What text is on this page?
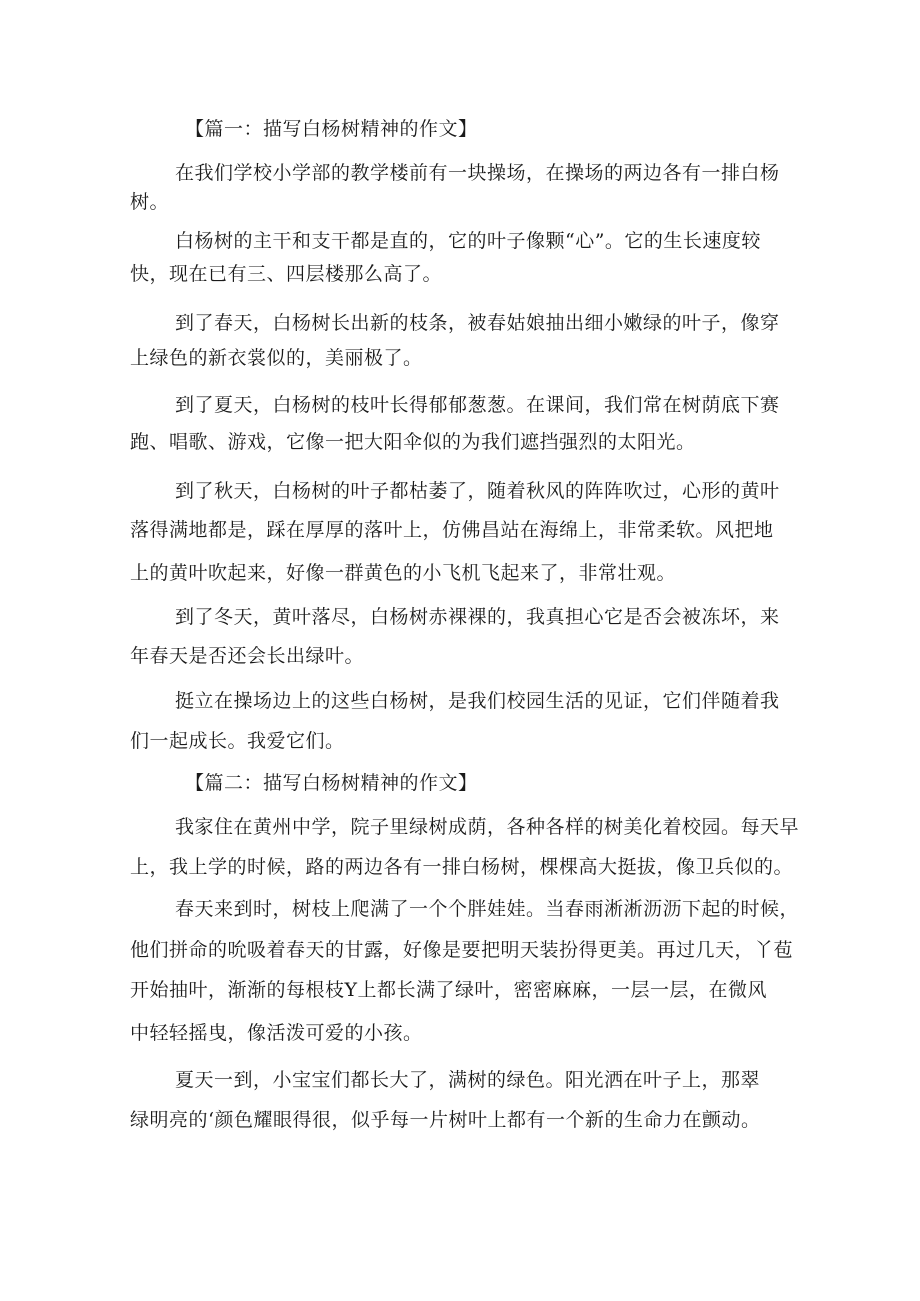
【篇一：描写白杨树精神的作文】
在我们学校小学部的教学楼前有一块操场，在操场的两边各有一排白杨
树。
白杨树的主干和支干都是直的，它的叶子像颗“心”。它的生长速度较
快，现在已有三、四层楼那么高了。
到了春天，白杨树长出新的枝条，被春姑娘抽出细小嫩绿的叶子，像穿
上绿色的新衣裳似的，美丽极了。
到了夏天，白杨树的枝叶长得郁郁葱葱。在课间，我们常在树荫底下赛
跑、唱歌、游戏，它像一把大阳伞似的为我们遮挡强烈的太阳光。
到了秋天，白杨树的叶子都枯萎了，随着秋风的阵阵吹过，心形的黄叶
落得满地都是，踩在厚厚的落叶上，仿佛昌站在海绵上，非常柔软。风把地
上的黄叶吹起来，好像一群黄色的小飞机飞起来了，非常壮观。
到了冬天，黄叶落尽，白杨树赤裸裸的，我真担心它是否会被冻坏，来
年春天是否还会长出绿叶。
挺立在操场边上的这些白杨树，是我们校园生活的见证，它们伴随着我
们一起成长。我爱它们。
【篇二：描写白杨树精神的作文】
我家住在黄州中学，院子里绿树成荫，各种各样的树美化着校园。每天早
上，我上学的时候，路的两边各有一排白杨树，棵棵高大挺拔，像卫兵似的。
春天来到时，树枝上爬满了一个个胖娃娃。当春雨淅淅沥沥下起的时候，
他们拼命的吮吸着春天的甘露，好像是要把明天装扮得更美。再过几天，丫苞
开始抽叶，渐渐的每根枝Y上都长满了绿叶，密密麻麻，一层一层，在微风
中轻轻摇曳，像活泼可爱的小孩。
夏天一到，小宝宝们都长大了，满树的绿色。阳光洒在叶子上，那翠
绿明亮的‘颜色耀眼得很，似乎每一片树叶上都有一个新的生命力在颤动。
